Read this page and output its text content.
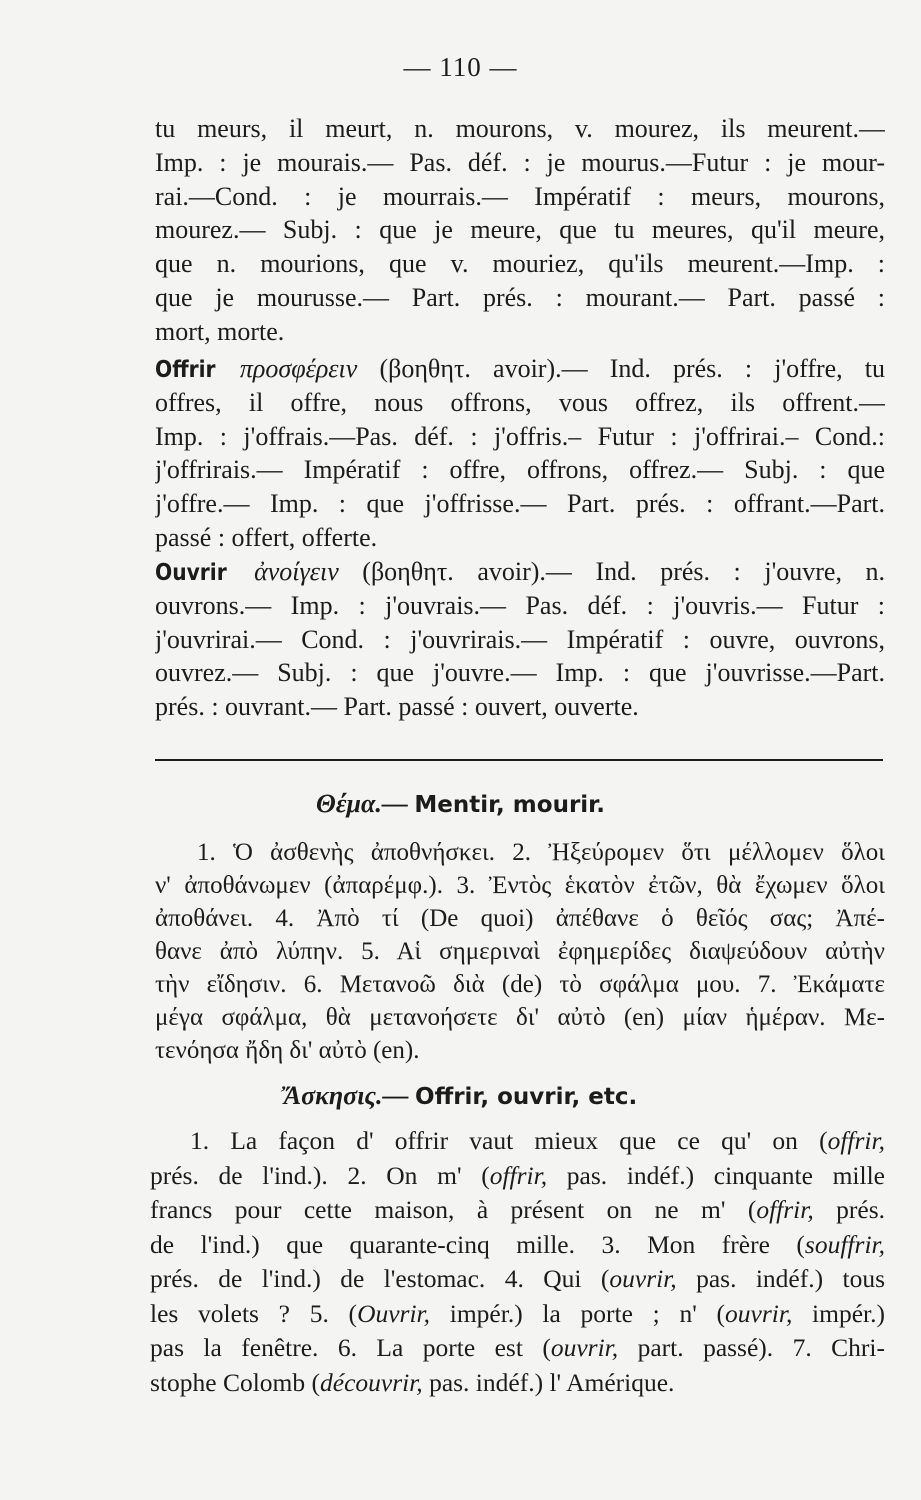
— 110 —
tu meurs, il meurt, n. mourons, v. mourez, ils meurent.—
Imp. : je mourais.— Pas. déf. : je mourus.—Futur : je mour-
rai.—Cond. : je mourrais.— Impératif : meurs, mourons,
mourez.— Subj. : que je meure, que tu meures, qu'il meure,
que n. mourions, que v. mouriez, qu'ils meurent.—Imp. :
que je mourusse.— Part. prés. : mourant.— Part. passé :
mort, morte.
Offrir προσφέρειν (βοηθητ. avoir).— Ind. prés. : j'offre, tu
offres, il offre, nous offrons, vous offrez, ils offrent.—
Imp. : j'offrais.—Pas. déf. : j'offris.– Futur : j'offrirai.– Cond.:
j'offrirais.— Impératif : offre, offrons, offrez.— Subj. : que
j'offre.— Imp. : que j'offrisse.— Part. prés. : offrant.—Part.
passé : offert, offerte.
Ouvrir ἀνοίγειν (βοηθητ. avoir).— Ind. prés. : j'ouvre, n.
ouvrons.— Imp. : j'ouvrais.— Pas. déf. : j'ouvris.— Futur :
j'ouvrirai.— Cond. : j'ouvrirais.— Impératif : ouvre, ouvrons,
ouvrez.— Subj. : que j'ouvre.— Imp. : que j'ouvrisse.—Part.
prés. : ouvrant.— Part. passé : ouvert, ouverte.
Θέμα.— Mentir, mourir.
1. Ὁ ἀσθενὴς ἀποθνήσκει. 2. Ἠξεύρομεν ὅτι μέλλομεν ὅλοι
ν' ἀποθάνωμεν (ἀπαρέμφ.). 3. Ἐντὸς ἑκατὸν ἐτῶν, θὰ ἔχωμεν ὅλοι
ἀποθάνει. 4. Ἀπὸ τί (De quoi) ἀπέθανε ὁ θεῖός σας; Ἀπέ-
θανε ἀπὸ λύπην. 5. Αἱ σημεριναὶ ἐφημερίδες διαψεύδουν αὐτὴν
τὴν εἴδησιν. 6. Μετανοῶ διὰ (de) τὸ σφάλμα μου. 7. Ἐκάματε
μέγα σφάλμα, θὰ μετανοήσετε δι' αὐτὸ (en) μίαν ἡμέραν. Με-
τενόησα ἤδη δι' αὐτὸ (en).
Ἄσκησις.— Offrir, ouvrir, etc.
1. La façon d' offrir vaut mieux que ce qu' on (offrir,
prés. de l'ind.). 2. On m' (offrir, pas. indéf.) cinquante mille
francs pour cette maison, à présent on ne m' (offrir, prés.
de l'ind.) que quarante-cinq mille. 3. Mon frère (souffrir,
prés. de l'ind.) de l'estomac. 4. Qui (ouvrir, pas. indéf.) tous
les volets ? 5. (Ouvrir, impér.) la porte ; n' (ouvrir, impér.)
pas la fenêtre. 6. La porte est (ouvrir, part. passé). 7. Chri-
stophe Colomb (découvrir, pas. indéf.) l' Amérique.
